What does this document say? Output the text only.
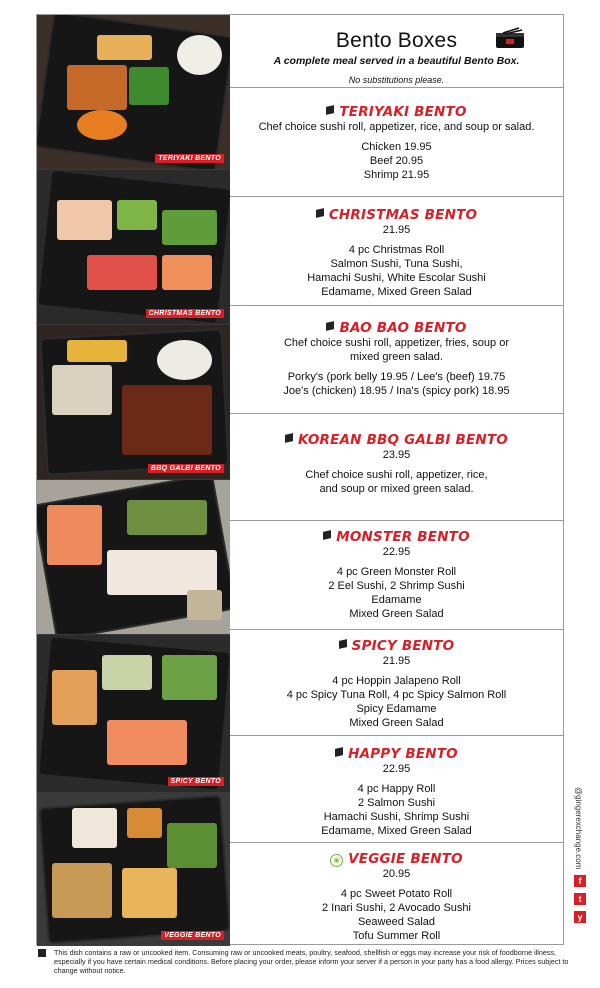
TERIYAKI BENTO
CHRISTMAS BENTO
BBQ GALBI BENTO
SPICY BENTO
VEGGIE BENTO
Bento Boxes
A complete meal served in a beautiful Bento Box.
No substitutions please.
TERIYAKI BENTO
Chef choice sushi roll, appetizer, rice, and soup or salad.
Chicken 19.95
Beef 20.95
Shrimp 21.95
CHRISTMAS BENTO
21.95
4 pc Christmas Roll
Salmon Sushi, Tuna Sushi,
Hamachi Sushi, White Escolar Sushi
Edamame, Mixed Green Salad
BAO BAO BENTO
Chef choice sushi roll, appetizer, fries, soup or
mixed green salad.
Porky's (pork belly 19.95 / Lee's (beef) 19.75
Joe's (chicken) 18.95 / Ina's (spicy pork) 18.95
KOREAN BBQ GALBI BENTO
23.95
Chef choice sushi roll, appetizer, rice,
and soup or mixed green salad.
MONSTER BENTO
22.95
4 pc Green Monster Roll
2 Eel Sushi, 2 Shrimp Sushi
Edamame
Mixed Green Salad
SPICY BENTO
21.95
4 pc Hoppin Jalapeno Roll
4 pc Spicy Tuna Roll, 4 pc Spicy Salmon Roll
Spicy Edamame
Mixed Green Salad
HAPPY BENTO
22.95
4 pc Happy Roll
2 Salmon Sushi
Hamachi Sushi, Shrimp Sushi
Edamame, Mixed Green Salad
❀ VEGGIE BENTO
20.95
4 pc Sweet Potato Roll
2 Inari Sushi, 2 Avocado Sushi
Seaweed Salad
Tofu Summer Roll
@gingerexchange.com
f
t
y
This dish contains a raw or uncooked item. Consuming raw or uncooked meats, poultry, seafood, shellfish or eggs may increase your risk of foodborne illness, especially if you have certain medical conditions. Before placing your order, please inform your server if a person in your party has a food allergy. Prices subject to change without notice.
